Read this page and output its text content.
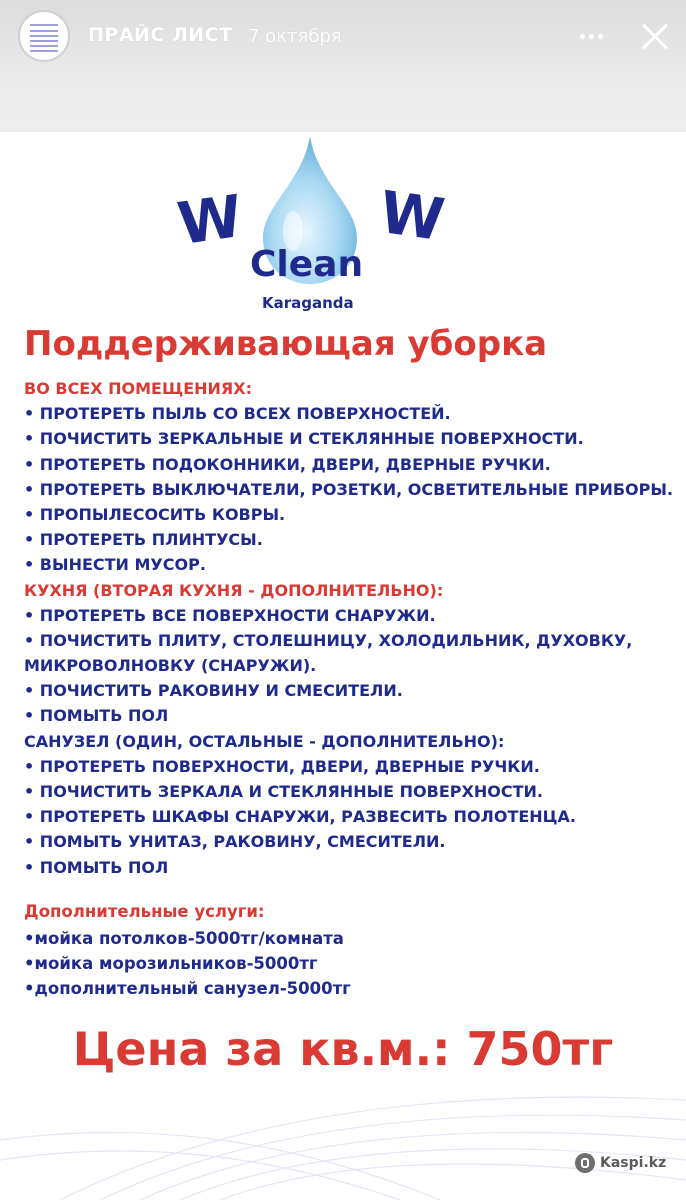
ПРАЙС ЛИСТ 7 октября
W W
Clean
Karaganda
Поддерживающая уборка
ВО ВСЕХ ПОМЕЩЕНИЯХ:
• ПРОТЕРЕТЬ ПЫЛЬ СО ВСЕХ ПОВЕРХНОСТЕЙ.
• ПОЧИСТИТЬ ЗЕРКАЛЬНЫЕ И СТЕКЛЯННЫЕ ПОВЕРХНОСТИ.
• ПРОТЕРЕТЬ ПОДОКОННИКИ, ДВЕРИ, ДВЕРНЫЕ РУЧКИ.
• ПРОТЕРЕТЬ ВЫКЛЮЧАТЕЛИ, РОЗЕТКИ, ОСВЕТИТЕЛЬНЫЕ ПРИБОРЫ.
• ПРОПЫЛЕСОСИТЬ КОВРЫ.
• ПРОТЕРЕТЬ ПЛИНТУСЫ.
• ВЫНЕСТИ МУСОР.
КУХНЯ (ВТОРАЯ КУХНЯ - ДОПОЛНИТЕЛЬНО):
• ПРОТЕРЕТЬ ВСЕ ПОВЕРХНОСТИ СНАРУЖИ.
• ПОЧИСТИТЬ ПЛИТУ, СТОЛЕШНИЦУ, ХОЛОДИЛЬНИК, ДУХОВКУ,
МИКРОВОЛНОВКУ (СНАРУЖИ).
• ПОЧИСТИТЬ РАКОВИНУ И СМЕСИТЕЛИ.
• ПОМЫТЬ ПОЛ
САНУЗЕЛ (ОДИН, ОСТАЛЬНЫЕ - ДОПОЛНИТЕЛЬНО):
• ПРОТЕРЕТЬ ПОВЕРХНОСТИ, ДВЕРИ, ДВЕРНЫЕ РУЧКИ.
• ПОЧИСТИТЬ ЗЕРКАЛА И СТЕКЛЯННЫЕ ПОВЕРХНОСТИ.
• ПРОТЕРЕТЬ ШКАФЫ СНАРУЖИ, РАЗВЕСИТЬ ПОЛОТЕНЦА.
• ПОМЫТЬ УНИТАЗ, РАКОВИНУ, СМЕСИТЕЛИ.
• ПОМЫТЬ ПОЛ
Дополнительные услуги:
•мойка потолков-5000тг/комната
•мойка морозильников-5000тг
•дополнительный санузел-5000тг
Цена за кв.м.: 750тг
Kaspi.kz
